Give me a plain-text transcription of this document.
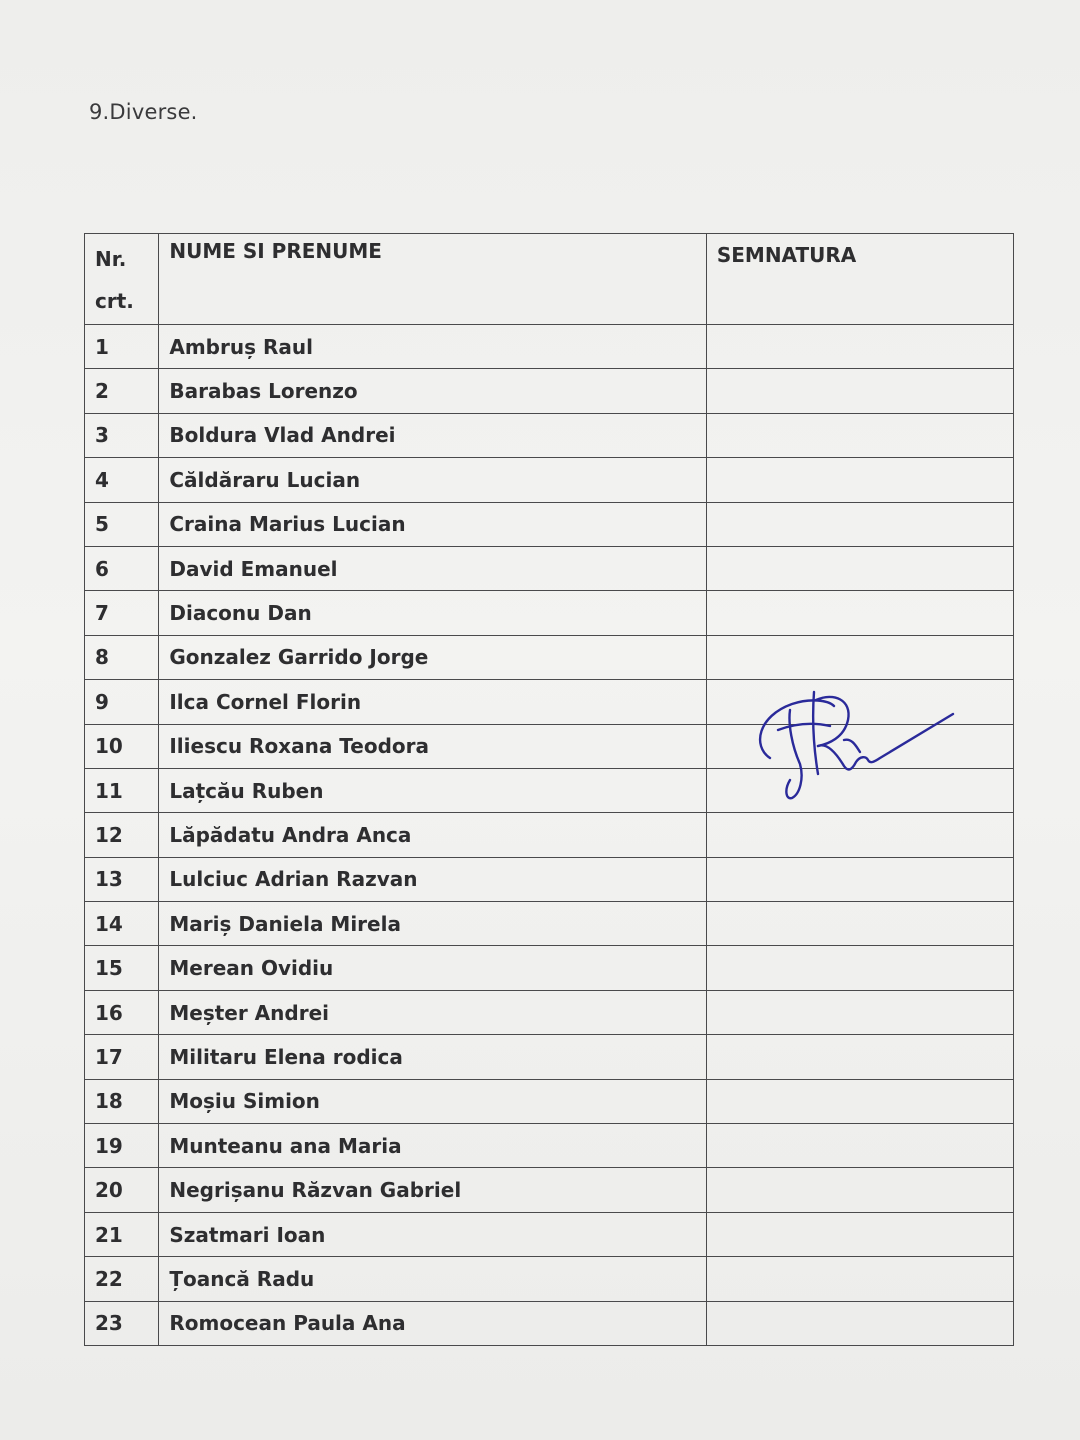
9.Diverse.
Nr.
crt.	NUME SI PRENUME	SEMNATURA

1	Ambruș Raul	
2	Barabas Lorenzo	
3	Boldura Vlad Andrei	
4	Căldăraru Lucian	
5	Craina Marius Lucian	
6	David Emanuel	
7	Diaconu Dan	
8	Gonzalez Garrido Jorge	
9	Ilca Cornel Florin	
10	Iliescu Roxana Teodora	
11	Lațcău Ruben	
12	Lăpădatu Andra Anca	
13	Lulciuc Adrian Razvan	
14	Mariș Daniela Mirela	
15	Merean Ovidiu	
16	Meșter Andrei	
17	Militaru Elena rodica	
18	Moșiu Simion	
19	Munteanu ana Maria	
20	Negrișanu Răzvan Gabriel	
21	Szatmari Ioan	
22	Țoancă Radu	
23	Romocean Paula Ana	
